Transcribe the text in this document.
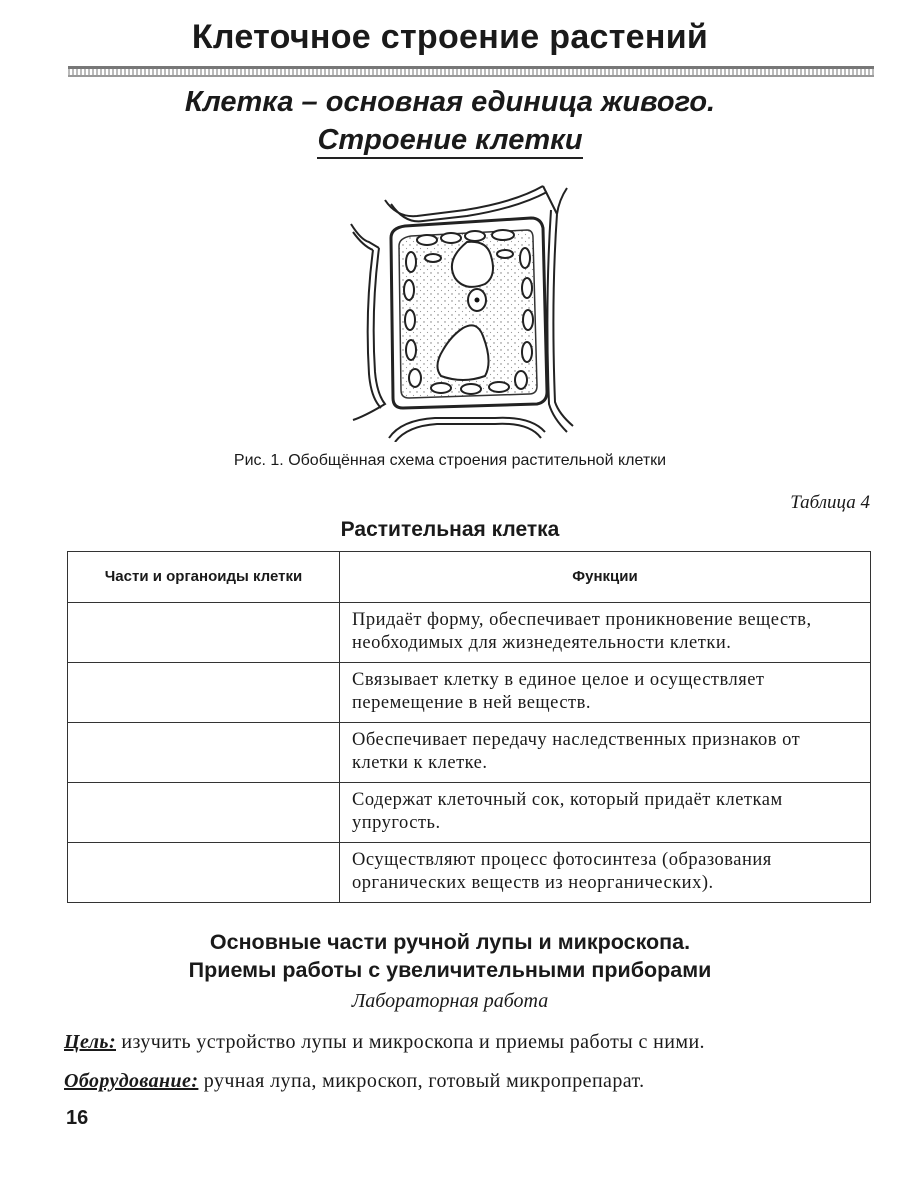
Клеточное строение растений
Клетка – основная единица живого.
Строение клетки
Рис. 1. Обобщённая схема строения растительной клетки
Таблица 4
Растительная клетка
Части и органоиды клетки	Функции
	Придаёт форму, обеспечивает проникновение веществ, необходимых для жизнедеятельности клетки.
	Связывает клетку в единое целое и осуществляет перемещение в ней веществ.
	Обеспечивает передачу наследственных признаков от клетки к клетке.
	Содержат клеточный сок, который придаёт клеткам упругость.
	Осуществляют процесс фотосинтеза (образования органических веществ из неорганических).
Основные части ручной лупы и микроскопа.
Приемы работы с увеличительными приборами
Лабораторная работа
Цель: изучить устройство лупы и микроскопа и приемы работы с ними.
Оборудование: ручная лупа, микроскоп, готовый микропрепарат.
16
